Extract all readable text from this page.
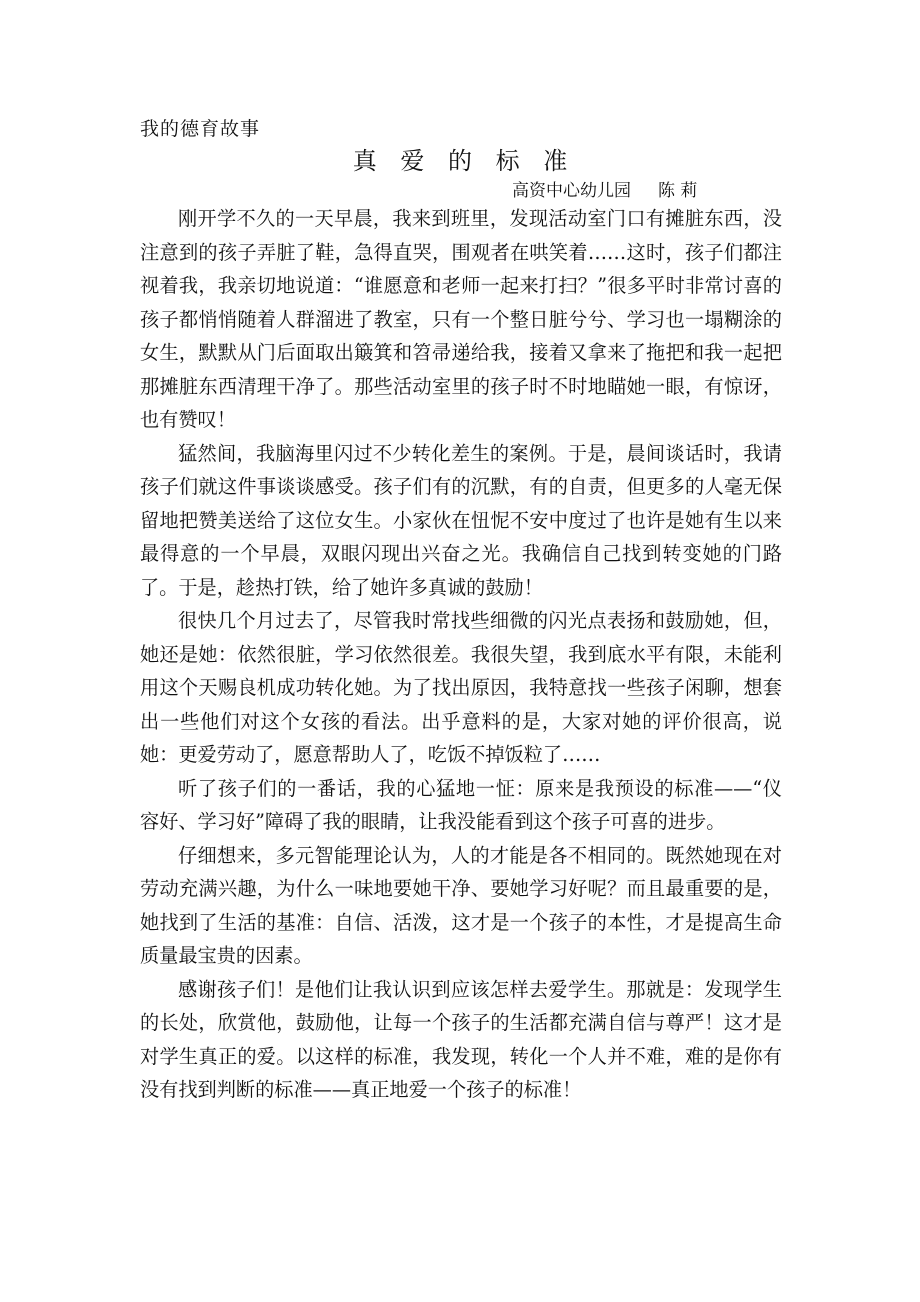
我的德育故事
真 爱 的 标 准
高资中心幼儿园     陈 莉

刚开学不久的一天早晨，我来到班里，发现活动室门口有摊脏东西，没注意到的孩子弄脏了鞋，急得直哭，围观者在哄笑着……这时，孩子们都注视着我，我亲切地说道：“谁愿意和老师一起来打扫？”很多平时非常讨喜的孩子都悄悄随着人群溜进了教室，只有一个整日脏兮兮、学习也一塌糊涂的女生，默默从门后面取出簸箕和笤帚递给我，接着又拿来了拖把和我一起把那摊脏东西清理干净了。那些活动室里的孩子时不时地瞄她一眼，有惊讶，也有赞叹！

猛然间，我脑海里闪过不少转化差生的案例。于是，晨间谈话时，我请孩子们就这件事谈谈感受。孩子们有的沉默，有的自责，但更多的人毫无保留地把赞美送给了这位女生。小家伙在忸怩不安中度过了也许是她有生以来最得意的一个早晨，双眼闪现出兴奋之光。我确信自己找到转变她的门路了。于是，趁热打铁，给了她许多真诚的鼓励！

很快几个月过去了，尽管我时常找些细微的闪光点表扬和鼓励她，但，她还是她：依然很脏，学习依然很差。我很失望，我到底水平有限，未能利用这个天赐良机成功转化她。为了找出原因，我特意找一些孩子闲聊，想套出一些他们对这个女孩的看法。出乎意料的是，大家对她的评价很高，说她：更爱劳动了，愿意帮助人了，吃饭不掉饭粒了……

听了孩子们的一番话，我的心猛地一怔：原来是我预设的标准——“仪容好、学习好”障碍了我的眼睛，让我没能看到这个孩子可喜的进步。

仔细想来，多元智能理论认为，人的才能是各不相同的。既然她现在对劳动充满兴趣，为什么一味地要她干净、要她学习好呢？而且最重要的是，她找到了生活的基准：自信、活泼，这才是一个孩子的本性，才是提高生命质量最宝贵的因素。

感谢孩子们！是他们让我认识到应该怎样去爱学生。那就是：发现学生的长处，欣赏他，鼓励他，让每一个孩子的生活都充满自信与尊严！这才是对学生真正的爱。以这样的标准，我发现，转化一个人并不难，难的是你有没有找到判断的标准——真正地爱一个孩子的标准！
